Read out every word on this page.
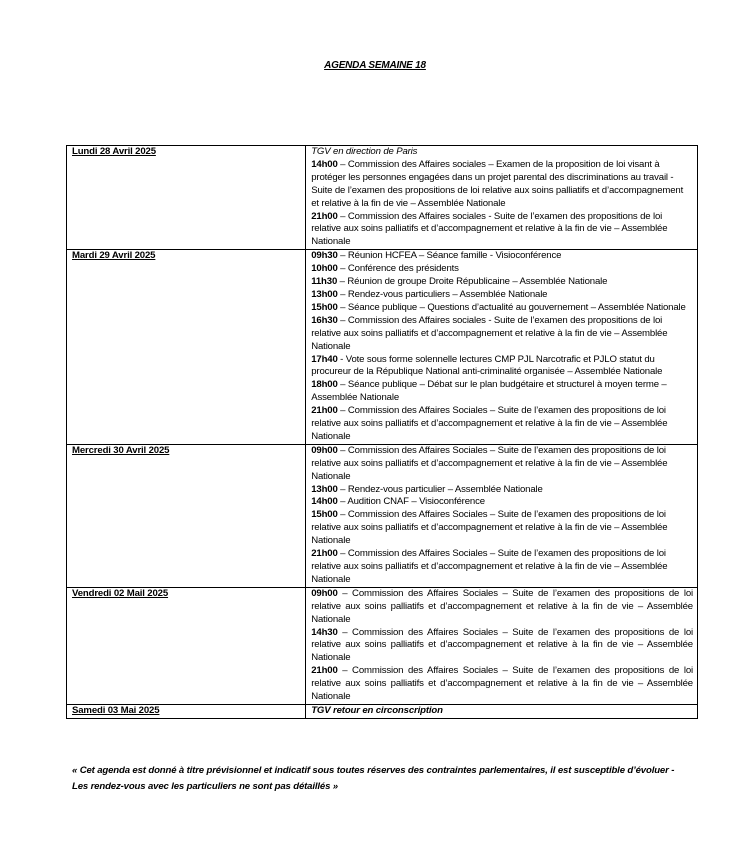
AGENDA SEMAINE 18
Lundi 28 Avril 2025	TGV en direction de Paris
14h00 – Commission des Affaires sociales – Examen de la proposition de loi visant à protéger les personnes engagées dans un projet parental des discriminations au travail - Suite de l’examen des propositions de loi relative aux soins palliatifs et d’accompagnement et relative à la fin de vie – Assemblée Nationale
21h00 – Commission des Affaires sociales - Suite de l’examen des propositions de loi relative aux soins palliatifs et d’accompagnement et relative à la fin de vie – Assemblée Nationale

Mardi 29 Avril 2025	09h30 – Réunion HCFEA – Séance famille - Visioconférence
10h00 – Conférence des présidents
11h30 – Réunion de groupe Droite Républicaine – Assemblée Nationale
13h00 – Rendez-vous particuliers – Assemblée Nationale
15h00 – Séance publique – Questions d’actualité au gouvernement – Assemblée Nationale
16h30 – Commission des Affaires sociales - Suite de l’examen des propositions de loi relative aux soins palliatifs et d’accompagnement et relative à la fin de vie – Assemblée Nationale
17h40 - Vote sous forme solennelle lectures CMP PJL Narcotrafic et PJLO statut du procureur de la République National anti-criminalité organisée – Assemblée Nationale
18h00 – Séance publique – Débat sur le plan budgétaire et structurel à moyen terme – Assemblée Nationale
21h00 – Commission des Affaires Sociales – Suite de l’examen des propositions de loi relative aux soins palliatifs et d’accompagnement et relative à la fin de vie – Assemblée Nationale

Mercredi 30 Avril 2025	09h00 – Commission des Affaires Sociales – Suite de l’examen des propositions de loi relative aux soins palliatifs et d’accompagnement et relative à la fin de vie – Assemblée Nationale
13h00 – Rendez-vous particulier – Assemblée Nationale
14h00 – Audition CNAF – Visioconférence
15h00 – Commission des Affaires Sociales – Suite de l’examen des propositions de loi relative aux soins palliatifs et d’accompagnement et relative à la fin de vie – Assemblée Nationale
21h00 – Commission des Affaires Sociales – Suite de l’examen des propositions de loi relative aux soins palliatifs et d’accompagnement et relative à la fin de vie – Assemblée Nationale

Vendredi 02 Mail 2025	09h00 – Commission des Affaires Sociales – Suite de l’examen des propositions de loi relative aux soins palliatifs et d’accompagnement et relative à la fin de vie – Assemblée Nationale
14h30 – Commission des Affaires Sociales – Suite de l’examen des propositions de loi relative aux soins palliatifs et d’accompagnement et relative à la fin de vie – Assemblée Nationale
21h00 – Commission des Affaires Sociales – Suite de l’examen des propositions de loi relative aux soins palliatifs et d’accompagnement et relative à la fin de vie – Assemblée Nationale

Samedi 03 Mai 2025	TGV retour en circonscription
« Cet agenda est donné à titre prévisionnel et indicatif sous toutes réserves des contraintes parlementaires, il est susceptible d’évoluer -
Les rendez-vous avec les particuliers ne sont pas détaillés »
